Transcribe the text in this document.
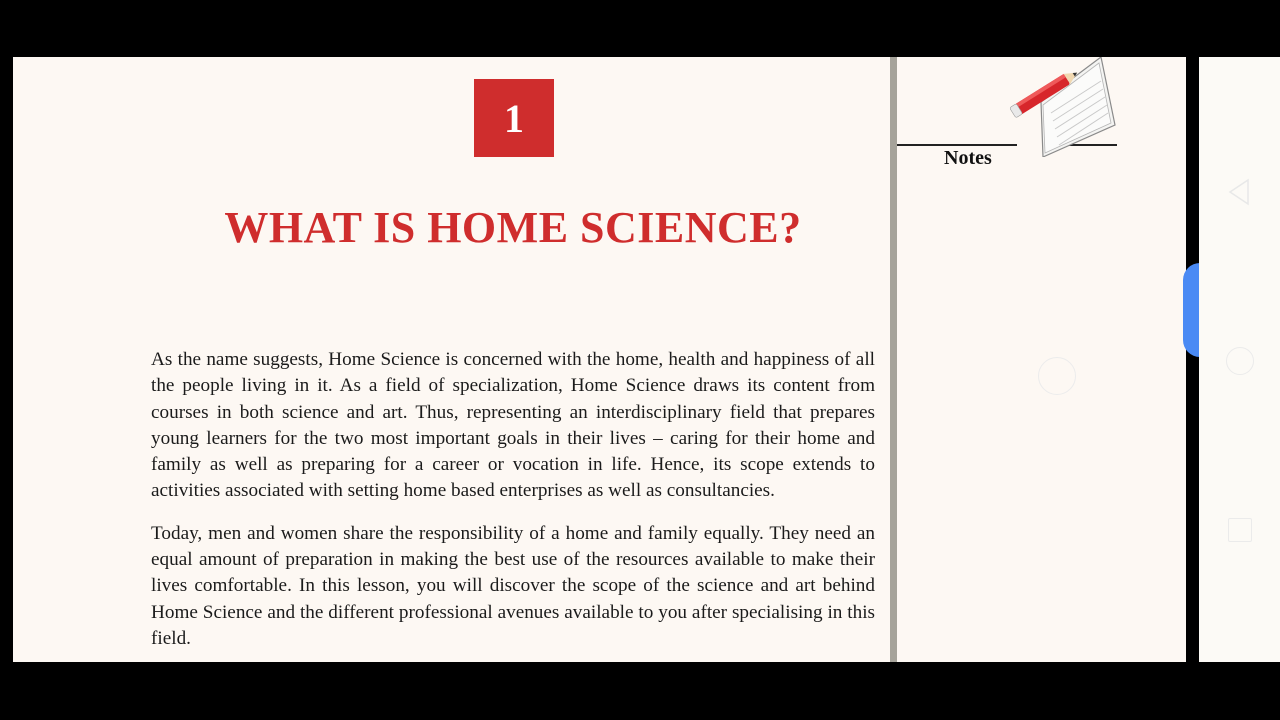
1
WHAT IS HOME SCIENCE?

As the name suggests, Home Science is concerned with the home, health and happiness of all the people living in it. As a field of specialization, Home Science draws its content from courses in both science and art. Thus, representing an interdisciplinary field that prepares young learners for the two most important goals in their lives – caring for their home and family as well as preparing for a career or vocation in life. Hence, its scope extends to activities associated with setting home based enterprises as well as consultancies.

Today, men and women share the responsibility of a home and family equally. They need an equal amount of preparation in making the best use of the resources available to make their lives comfortable. In this lesson, you will discover the scope of the science and art behind Home Science and the different professional avenues available to you after specialising in this field.

Notes
